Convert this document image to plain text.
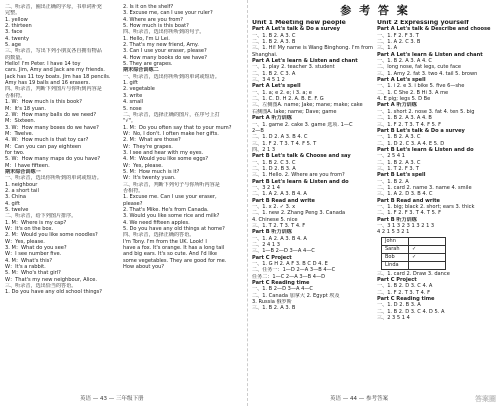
二、听录音，圈出正确的字母，书单词补充
完整。
1. yellow
2. thirteen
3. face
4. twenty
5. age
三、听录音，写出下列小朋友各自拥有物品
的数量。
Hello! I'm Peter. I have 14 toy
cars. Jim, Amy and Jack are my friends.
Jack has 11 toy boats. Jim has 18 pencils.
Amy has 19 balls and 16 erasers.
四、听录音，判断下列图片与你听到内容是
否相符。
1. W：How much is this book?
M：It's 18 yuan.
2. W：How many balls do we need?
M：Sixteen.
3. W：How many boxes do we have?
M：Twelve.
4. W：How much is that toy car?
M：Can you can pay eighteen
for two.
5. W：How many maps do you have?
M：I have fifteen.
期末综合训练一
一、听录音，选出你所听到的单词或短语。
1. neighbour
2. a short tail
3. China
4. gift
5. twelve
二、听录音，给下列图片排序。
1. M：Where is my cap?
W：It's on the box.
2. M：Would you like some noodles?
W：Yes, please.
3. M：What do you see?
W：I see number five.
4. M：What's this?
W：It's a rabbit.
5. M：Who's that girl?
W：That's my new neighbour, Alice.
三、听录音，选出恰当的答语。
1. Do you have any old school things?
2. Is it on the shelf?
3. Excuse me, can I use your ruler?
4. Where are you from?
5. How much is this boat?
四、听录音，选出你所听到的句子。
1. Hello, I'm Li Lei.
2. That's my new friend, Amy.
3. Can I use your eraser, please?
4. How many books do we have?
5. They are grapes.
期末综合训练二
一、听录音，选出你所听到的单词或短语。
1. gift
2. vegetable
3. write
4. small
5. nose
二、听录音，选择正确的图片，在序号上打
"√"。
1. M：Do you often say that to your mum?
W：No, I don't. I often make her gifts.
2. M：What are those?
W：They're grapes.
3. I see and hear with my eyes.
4. M：Would you like some eggs?
W：Yes, please.
5. M：How much is it?
W：It's twenty yuan.
三、听录音，判断下列句子与你所听内容是
否相符。
1. Excuse me. Can I use your eraser,
please?
2. That's Mike. He's from Canada.
3. Would you like some rice and milk?
4. We need fifteen apples.
5. Do you have any old things at home?
四、听录音，选择正确的答语。
I'm Tony. I'm from the UK. Look! I
have a fox. It's orange. It has a long tail
and big ears. It's so cute. And I'd like
some vegetables. They are good for me.
How about you?
参 考 答 案
Unit 1 Meeting new people
Part A Let's talk & Do a survey
一、1. B 2. A 3. C
二、1. B 2. A 3. B
三、1. Hi! My name is Wang Binghong. I'm from
Shanghai.
Part A Let's learn & Listen and chant
一、1. play 2. teacher 3. student
二、1. B 2. C 3. A
三、3 4 5 1 2
Part A Let's spell
一、1. a; e 2. e; i 3. a; e
二、1. C. D. H 2. A. B. E. F. G
三、左侧图A. name; Jake; mane; make; cake
右侧图A. lake; name; Dave; game
Part A 听力训练
一、1. game 2. cake 3. game 选项. 1—C
2—B
二、1. D 2. A 3. B 4. C
三、1. F 2. T 3. T 4. F 5. T
四、2 1 3
Part B Let's talk & Choose and say
一、1. B 2. C 3. C
二、1. D 2. B 3. A
三、1. Hello. 2. Where are you from?
Part B Let's learn & Listen and do
一、3 2 1 4
二、1. A 2. A 3. B 4. A
Part B Read and write
一、1. x 2. ✓ 3. x
二、1. new 2. Zhang Peng 3. Canada
4. Chinese 5. nice
三、1. T 2. T 3. T 4. F
Part B 听力训练
一、1. A 2. A 3. B 4. A
二、2 4 1 3
三、1—B 2—D 3—A 4—C
Part C Project
一、1. G H 2. A F 3. B C D 4. E
二、任务一：1—D 2—A 3—B 4—C
任务二：1—C 2—A 3—B 4—D
Part C Reading time
一、1. B 2—D 3—A 4—C
二、1. Canada 加拿大 2. Egypt 埃及
3. Russia 俄罗斯
三、1. B 2. A 3. B
Unit 2 Expressing yourself
Part A Let's talk & Describe and choose
一、1. F 2. F 3. T
二、1. A 2. C 3. B
三、1. A
Part A Let's learn & Listen and chant
一、1. B 2. A 3. A 4. C
二、long nose, fat legs, cute face
三、1. Amy 2. fat 3. two 4. tail 5. brown
Part A Let's spell
一、1. i 2. e 3. i bike 5. five 6—she
二、1. C She 2. B Hi 3. A me
4. E pig; legs 5. D Be
Part A 听力训练
一、1. short 2. nose 3. fat 4. ten 5. big
二、1. B 2. A 3. A 4. B
三、1. F 2. T 3. T 4. F 5. F
Part B Let's talk & Do a survey
一、1. B 2. A 3. C
二、1. D 2. C 3. A 4. E 5. D
Part B Let's learn & Listen and do
一、2 5 4 1
二、1. B 2. A 3. C
三、1. T 2. F 3. T
Part B Let's spell
一、1. B 2. A
二、1. card 2. name 3. name 4. smile
三、1. A 2. D 3. B 4. C
Part B Read and write
一、1. big; black 2. short; ears 3. thick
二、1. F 2. F 3. T 4. T 5. F
Part B 听力训练
一、3 1 3 2 3 1 3 2 1 3
4 2 1 5 3 2 1
John	
Sarah	✓
Bob	✓
Linda	
三、1. card 2. Draw 3. dance
Part C Project
一、1. B 2. D 3. C 4. A
二、1. F 2. T 3. T 4. F
Part C Reading time
一、1. D 2. B 3. A
二、1. B 2. D 3. C 4. D 5. A
三、2 3 5 1 4
英语 — 43 — 三年级下册	英语 — 44 — 参考答案	答案圈
